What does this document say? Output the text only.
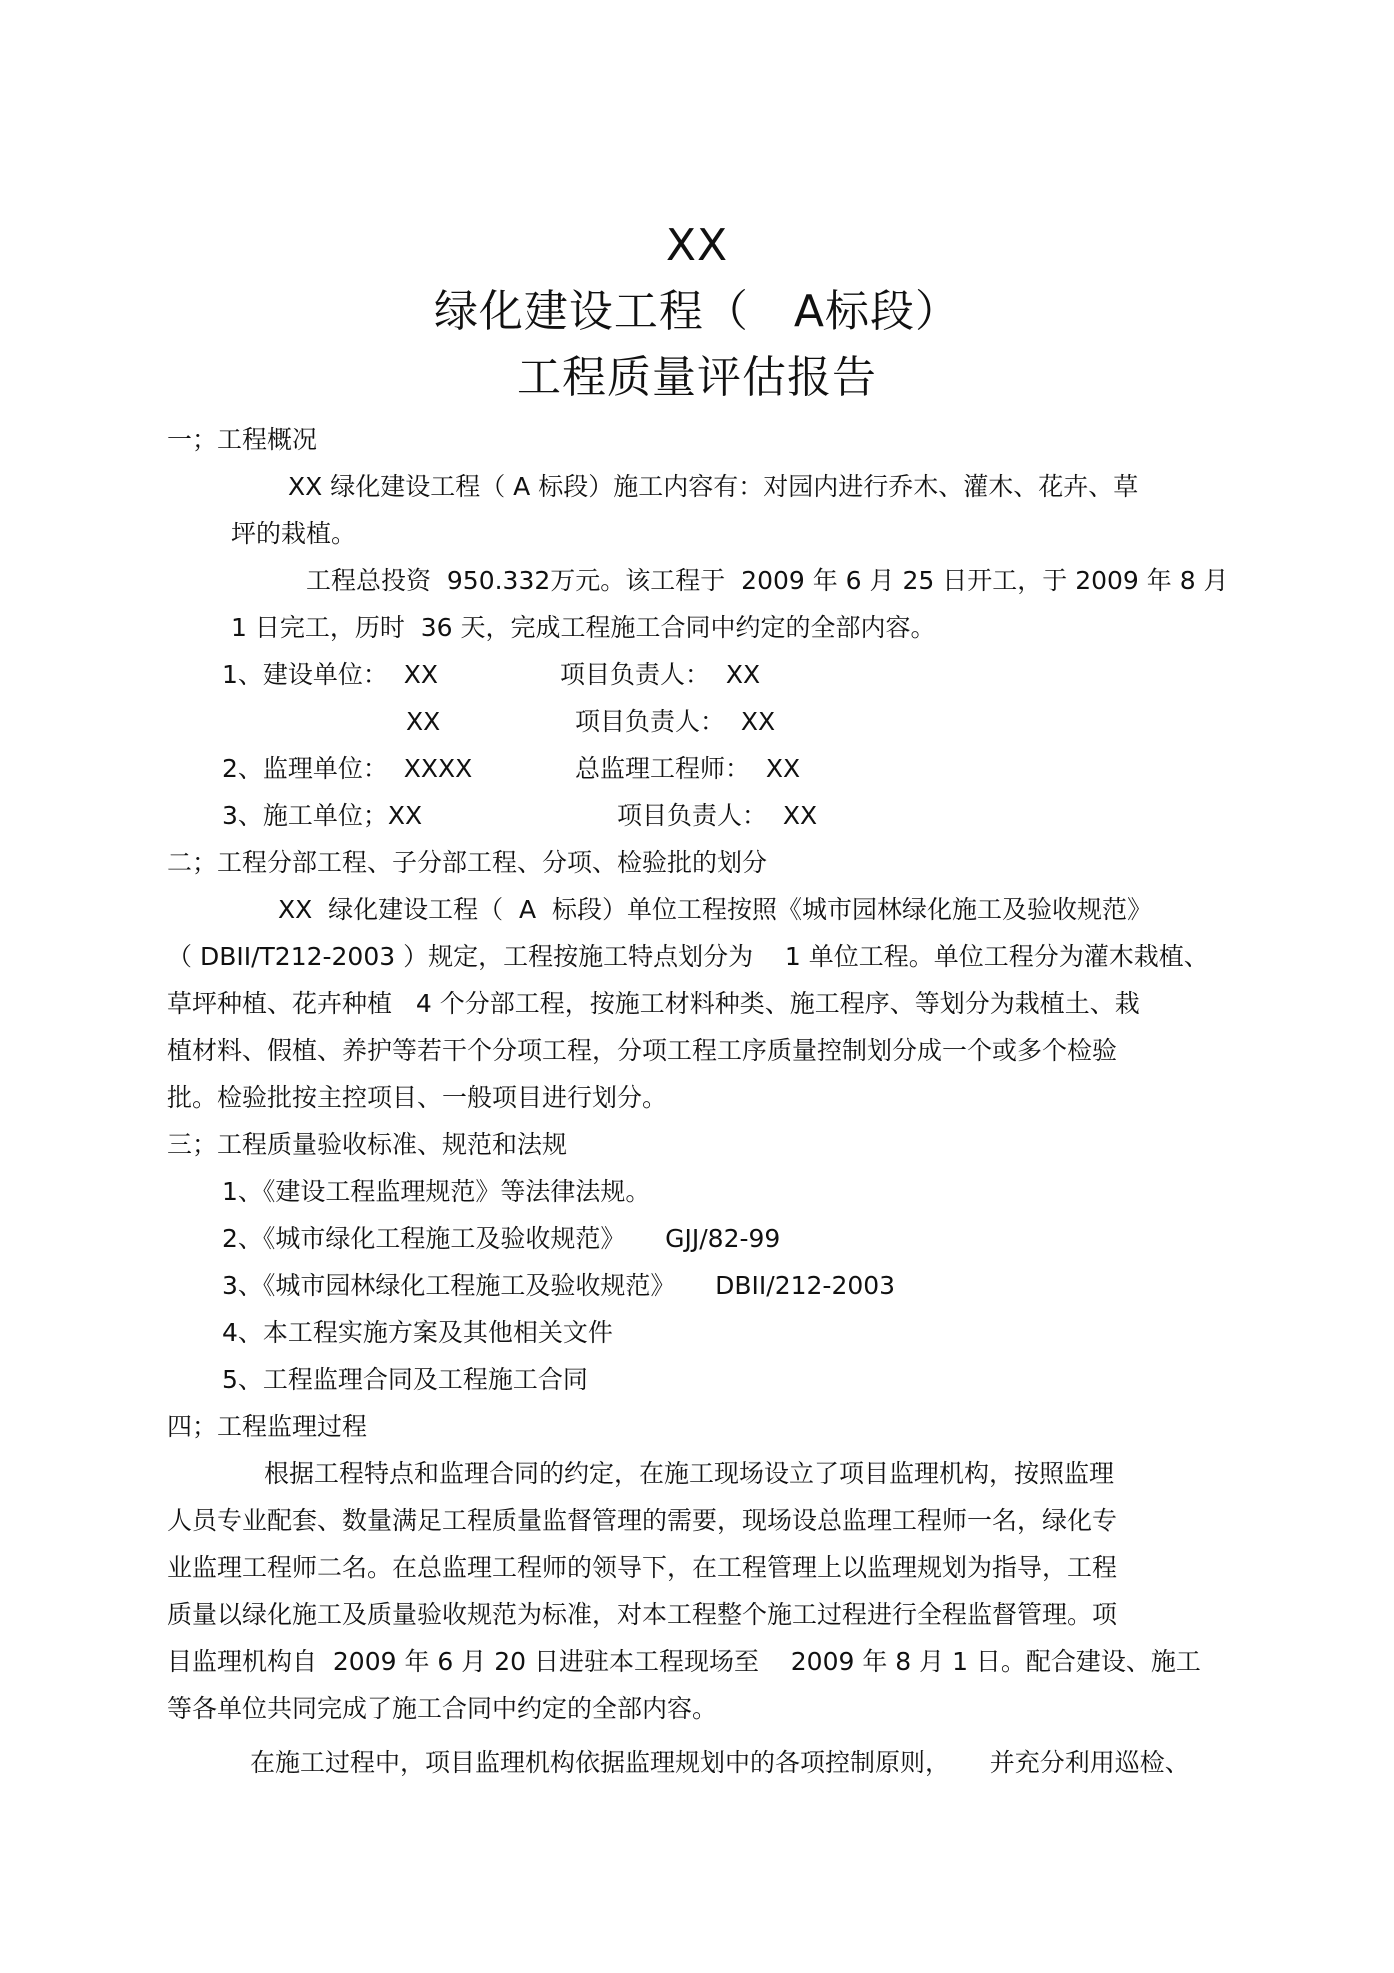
XX
绿化建设工程（　A标段）
工程质量评估报告
一；工程概况
XX 绿化建设工程（ A 标段）施工内容有：对园内进行乔木、灌木、花卉、草
坪的栽植。
工程总投资  950.332万元。该工程于  2009 年 6 月 25 日开工，于 2009 年 8 月
1 日完工，历时  36 天，完成工程施工合同中约定的全部内容。
1、建设单位：  XX	项目负责人：  XX
XX	项目负责人：  XX
2、监理单位：  XXXX	总监理工程师：  XX
3、施工单位；XX	项目负责人：  XX
二；工程分部工程、子分部工程、分项、检验批的划分
XX  绿化建设工程（  A  标段）单位工程按照《城市园林绿化施工及验收规范》
（ DBII/T212-2003 ）规定，工程按施工特点划分为    1 单位工程。单位工程分为灌木栽植、
草坪种植、花卉种植   4 个分部工程，按施工材料种类、施工程序、等划分为栽植土、栽
植材料、假植、养护等若干个分项工程，分项工程工序质量控制划分成一个或多个检验
批。检验批按主控项目、一般项目进行划分。
三；工程质量验收标准、规范和法规
1、《建设工程监理规范》等法律法规。
2、《城市绿化工程施工及验收规范》     GJJ/82-99
3、《城市园林绿化工程施工及验收规范》     DBII/212-2003
4、本工程实施方案及其他相关文件
5、工程监理合同及工程施工合同
四；工程监理过程
根据工程特点和监理合同的约定，在施工现场设立了项目监理机构，按照监理
人员专业配套、数量满足工程质量监督管理的需要，现场设总监理工程师一名，绿化专
业监理工程师二名。在总监理工程师的领导下，在工程管理上以监理规划为指导，工程
质量以绿化施工及质量验收规范为标准，对本工程整个施工过程进行全程监督管理。项
目监理机构自  2009 年 6 月 20 日进驻本工程现场至    2009 年 8 月 1 日。配合建设、施工
等各单位共同完成了施工合同中约定的全部内容。
在施工过程中，项目监理机构依据监理规划中的各项控制原则，     并充分利用巡检、
